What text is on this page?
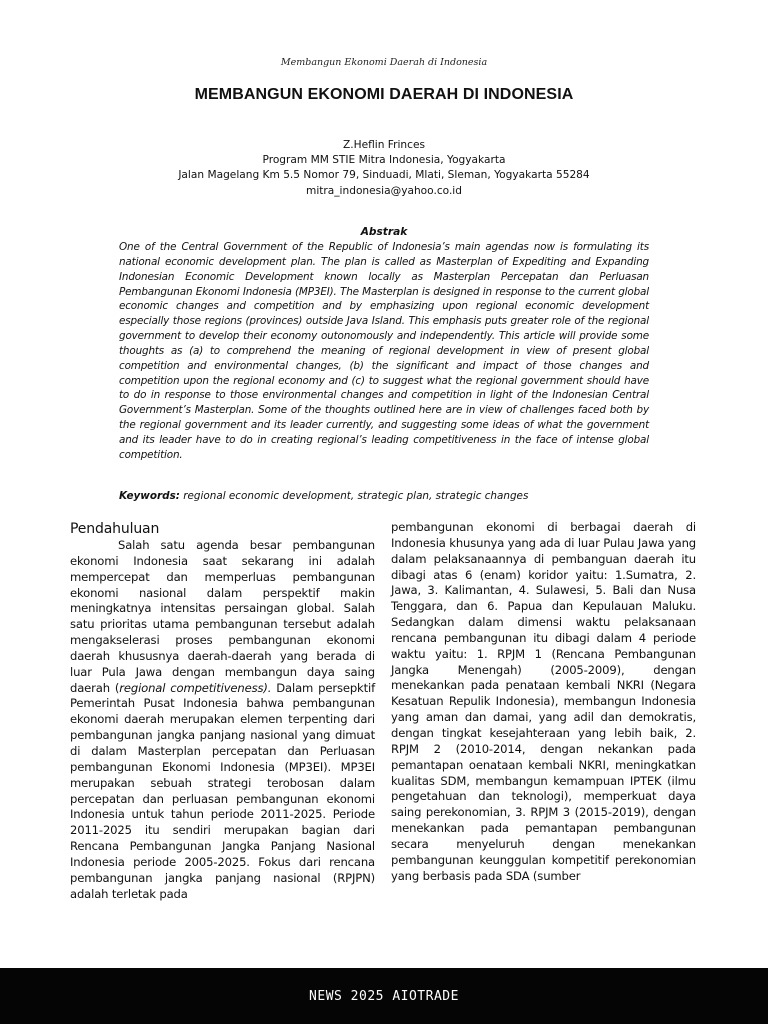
Membangun Ekonomi Daerah di Indonesia
MEMBANGUN EKONOMI DAERAH DI INDONESIA
Z.Heflin Frinces
Program MM STIE Mitra Indonesia, Yogyakarta
Jalan Magelang Km 5.5 Nomor 79, Sinduadi, Mlati, Sleman, Yogyakarta 55284
mitra_indonesia@yahoo.co.id
Abstrak
One of the Central Government of the Republic of Indonesia’s main agendas now is formulating its national economic development plan. The plan is called as Masterplan of Expediting and Expanding Indonesian Economic Development known locally as Masterplan Percepatan dan Perluasan Pembangunan Ekonomi Indonesia (MP3EI). The Masterplan is designed in response to the current global economic changes and competition and by emphasizing upon regional economic development especially those regions (provinces) outside Java Island. This emphasis puts greater role of the regional government to develop their economy outonomously and independently. This article will provide some thoughts as (a) to comprehend the meaning of regional development in view of present global competition and environmental changes, (b) the significant and impact of those changes and competition upon the regional economy and (c) to suggest what the regional government should have to do in response to those environmental changes and competition in light of the Indonesian Central Government’s Masterplan. Some of the thoughts outlined here are in view of challenges faced both by the regional government and its leader currently, and suggesting some ideas of what the government and its leader have to do in creating regional’s leading competitiveness in the face of intense global competition.
Keywords: regional economic development, strategic plan, strategic changes
Pendahuluan

Salah satu agenda besar pembangunan ekonomi Indonesia saat sekarang ini adalah mempercepat dan memperluas pembangunan ekonomi nasional dalam perspektif makin meningkatnya intensitas persaingan global. Salah satu prioritas utama pembangunan tersebut adalah mengakselerasi proses pembangunan ekonomi daerah khususnya daerah-daerah yang berada di luar Pula Jawa dengan membangun daya saing daerah (regional competitiveness). Dalam persepktif Pemerintah Pusat Indonesia bahwa pembangunan ekonomi daerah merupakan elemen terpenting dari pembangunan jangka panjang nasional yang dimuat di dalam Masterplan percepatan dan Perluasan pembangunan Ekonomi Indonesia (MP3EI). MP3EI merupakan sebuah strategi terobosan dalam percepatan dan perluasan pembangunan ekonomi Indonesia untuk tahun periode 2011-2025. Periode 2011-2025 itu sendiri merupakan bagian dari Rencana Pembangunan Jangka Panjang Nasional Indonesia periode 2005-2025. Fokus dari rencana pembangunan jangka panjang nasional (RPJPN) adalah terletak pada

pembangunan ekonomi di berbagai daerah di Indonesia khusunya yang ada di luar Pulau Jawa yang dalam pelaksanaannya di pembanguan daerah itu dibagi atas 6 (enam) koridor yaitu: 1.Sumatra, 2. Jawa, 3. Kalimantan, 4. Sulawesi, 5. Bali dan Nusa Tenggara, dan 6. Papua dan Kepulauan Maluku. Sedangkan dalam dimensi waktu pelaksanaan rencana pembangunan itu dibagi dalam 4 periode waktu yaitu: 1. RPJM 1 (Rencana Pembangunan Jangka Menengah) (2005-2009), dengan menekankan pada penataan kembali NKRI (Negara Kesatuan Repulik Indonesia), membangun Indonesia yang aman dan damai, yang adil dan demokratis, dengan tingkat kesejahteraan yang lebih baik, 2. RPJM 2 (2010-2014, dengan nekankan pada pemantapan oenataan kembali NKRI, meningkatkan kualitas SDM, membangun kemampuan IPTEK (ilmu pengetahuan dan teknologi), memperkuat daya saing perekonomian, 3. RPJM 3 (2015-2019), dengan menekankan pada pemantapan pembangunan secara menyeluruh dengan menekankan pembangunan keunggulan kompetitif perekonomian yang berbasis pada SDA (sumber

NEWS 2025 AIOTRADE
